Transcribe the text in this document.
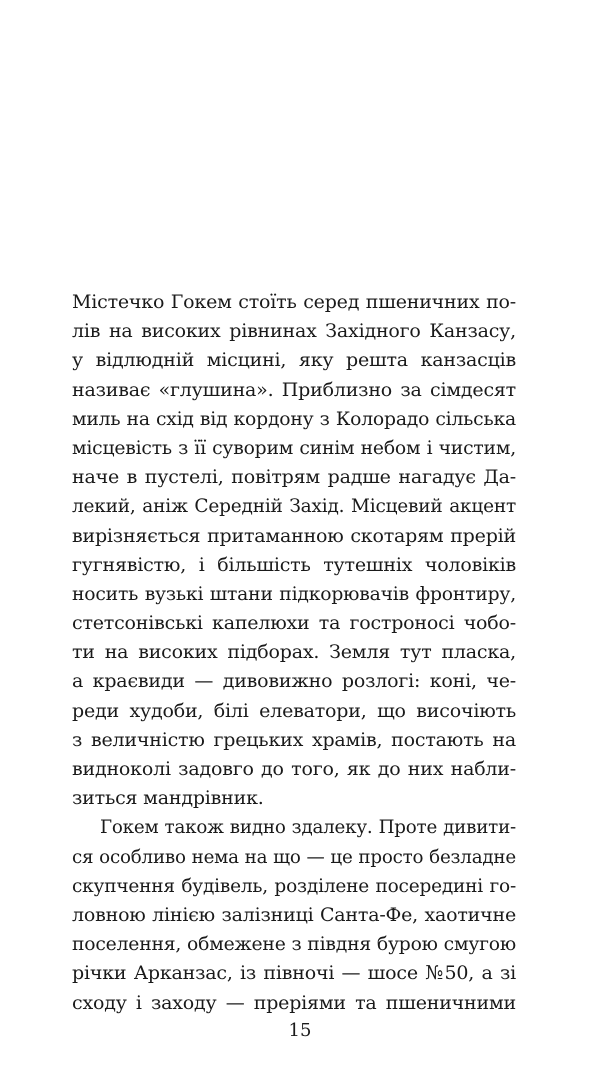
Містечко Гокем стоїть серед пшеничних по-
лів на високих рівнинах Західного Канзасу,
у відлюдній місцині, яку решта канзасців
називає «глушина». Приблизно за сімдесят
миль на схід від кордону з Колорадо сільська
місцевість з її суворим синім небом і чистим,
наче в пустелі, повітрям радше нагадує Да-
лекий, аніж Середній Захід. Місцевий акцент
вирізняється притаманною скотарям прерій
гугнявістю, і більшість тутешніх чоловіків
носить вузькі штани підкорювачів фронтиру,
стетсонівські капелюхи та гостроносі чобо-
ти на високих підборах. Земля тут пласка,
а краєвиди — дивовижно розлогі: коні, че-
реди худоби, білі елеватори, що височіють
з величністю грецьких храмів, постають на
видноколі задовго до того, як до них набли-
зиться мандрівник.
Гокем також видно здалеку. Проте дивити-
ся особливо нема на що — це просто безладне
скупчення будівель, розділене посередині го-
ловною лінією залізниці Санта-Фе, хаотичне
поселення, обмежене з півдня бурою смугою
річки Арканзас, із півночі — шосе №50, а зі
сходу і заходу — преріями та пшеничними
15
